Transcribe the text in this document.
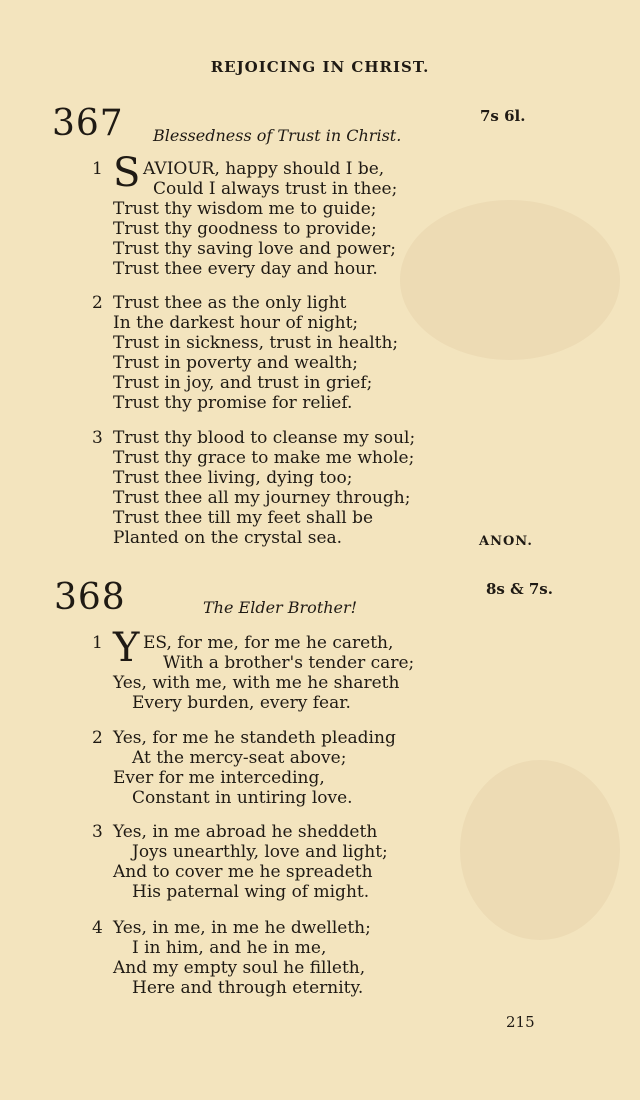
REJOICING IN CHRIST.
367	7s 6l.
Blessedness of Trust in Christ.
1 S AVIOUR, happy should I be,
Could I always trust in thee;
Trust thy wisdom me to guide;
Trust thy goodness to provide;
Trust thy saving love and power;
Trust thee every day and hour.
2 Trust thee as the only light
In the darkest hour of night;
Trust in sickness, trust in health;
Trust in poverty and wealth;
Trust in joy, and trust in grief;
Trust thy promise for relief.
3 Trust thy blood to cleanse my soul;
Trust thy grace to make me whole;
Trust thee living, dying too;
Trust thee all my journey through;
Trust thee till my feet shall be
Planted on the crystal sea.	ANON.
368	8s & 7s.
The Elder Brother!
1 Y ES, for me, for me he careth,
With a brother's tender care;
Yes, with me, with me he shareth
Every burden, every fear.
2 Yes, for me he standeth pleading
At the mercy-seat above;
Ever for me interceding,
Constant in untiring love.
3 Yes, in me abroad he sheddeth
Joys unearthly, love and light;
And to cover me he spreadeth
His paternal wing of might.
4 Yes, in me, in me he dwelleth;
I in him, and he in me,
And my empty soul he filleth,
Here and through eternity.
215
